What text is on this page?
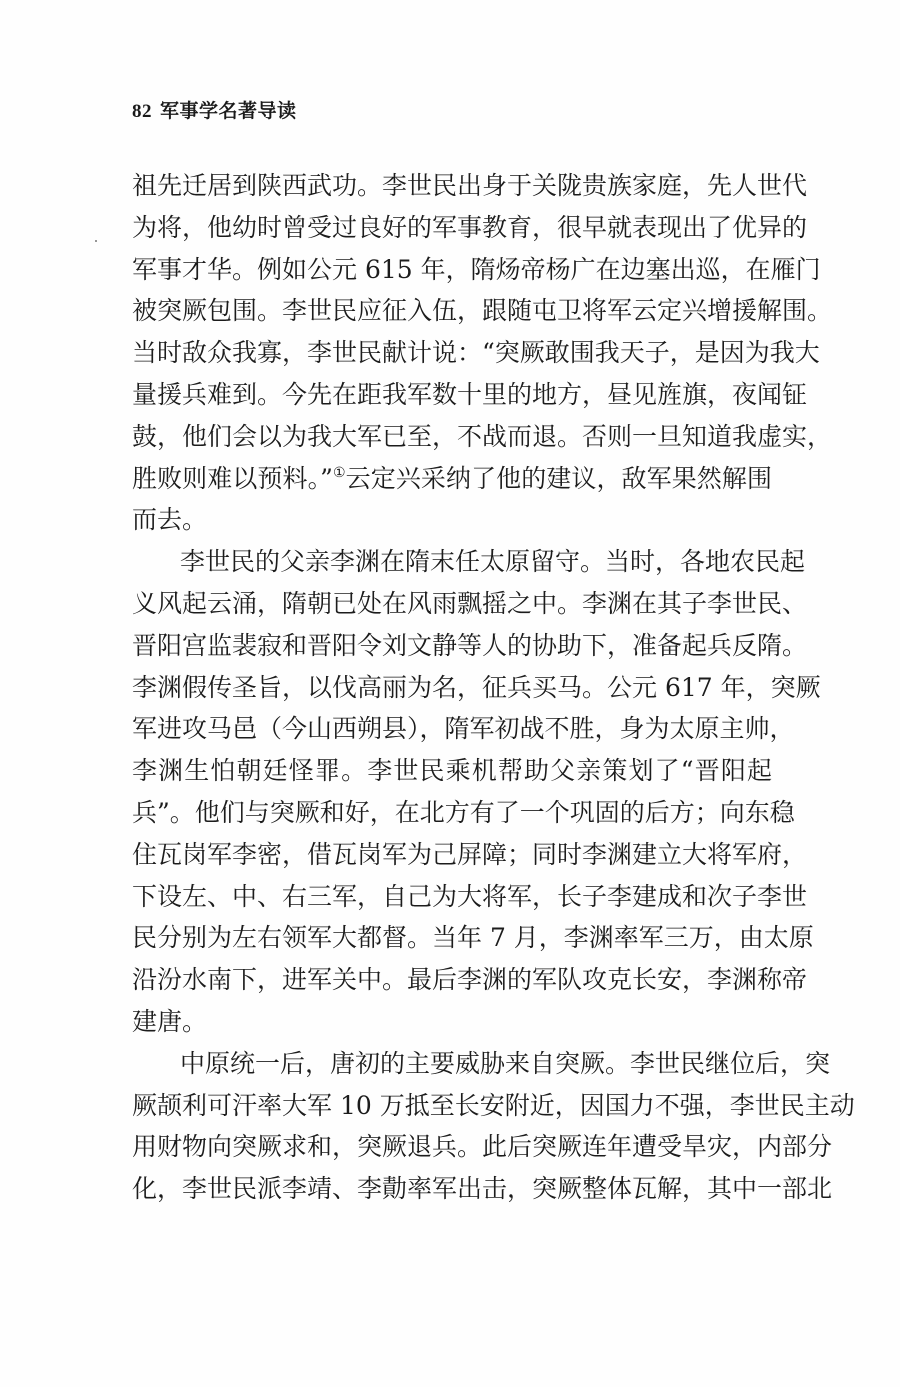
82 军事学名著导读
祖先迁居到陕西武功。李世民出身于关陇贵族家庭，先人世代
为将，他幼时曾受过良好的军事教育，很早就表现出了优异的
军事才华。例如公元 615 年，隋炀帝杨广在边塞出巡，在雁门
被突厥包围。李世民应征入伍，跟随屯卫将军云定兴增援解围。
当时敌众我寡，李世民献计说：“突厥敢围我天子，是因为我大
量援兵难到。今先在距我军数十里的地方，昼见旌旗，夜闻钲
鼓，他们会以为我大军已至，不战而退。否则一旦知道我虚实，
胜败则难以预料。”①云定兴采纳了他的建议，敌军果然解围
而去。
李世民的父亲李渊在隋末任太原留守。当时，各地农民起
义风起云涌，隋朝已处在风雨飘摇之中。李渊在其子李世民、
晋阳宫监裴寂和晋阳令刘文静等人的协助下，准备起兵反隋。
李渊假传圣旨，以伐高丽为名，征兵买马。公元 617 年，突厥
军进攻马邑（今山西朔县），隋军初战不胜，身为太原主帅，
李渊生怕朝廷怪罪。李世民乘机帮助父亲策划了“晋阳起
兵”。他们与突厥和好，在北方有了一个巩固的后方；向东稳
住瓦岗军李密，借瓦岗军为己屏障；同时李渊建立大将军府，
下设左、中、右三军，自己为大将军，长子李建成和次子李世
民分别为左右领军大都督。当年 7 月，李渊率军三万，由太原
沿汾水南下，进军关中。最后李渊的军队攻克长安，李渊称帝
建唐。
中原统一后，唐初的主要威胁来自突厥。李世民继位后，突
厥颉利可汗率大军 10 万抵至长安附近，因国力不强，李世民主动
用财物向突厥求和，突厥退兵。此后突厥连年遭受旱灾，内部分
化，李世民派李靖、李勣率军出击，突厥整体瓦解，其中一部北
